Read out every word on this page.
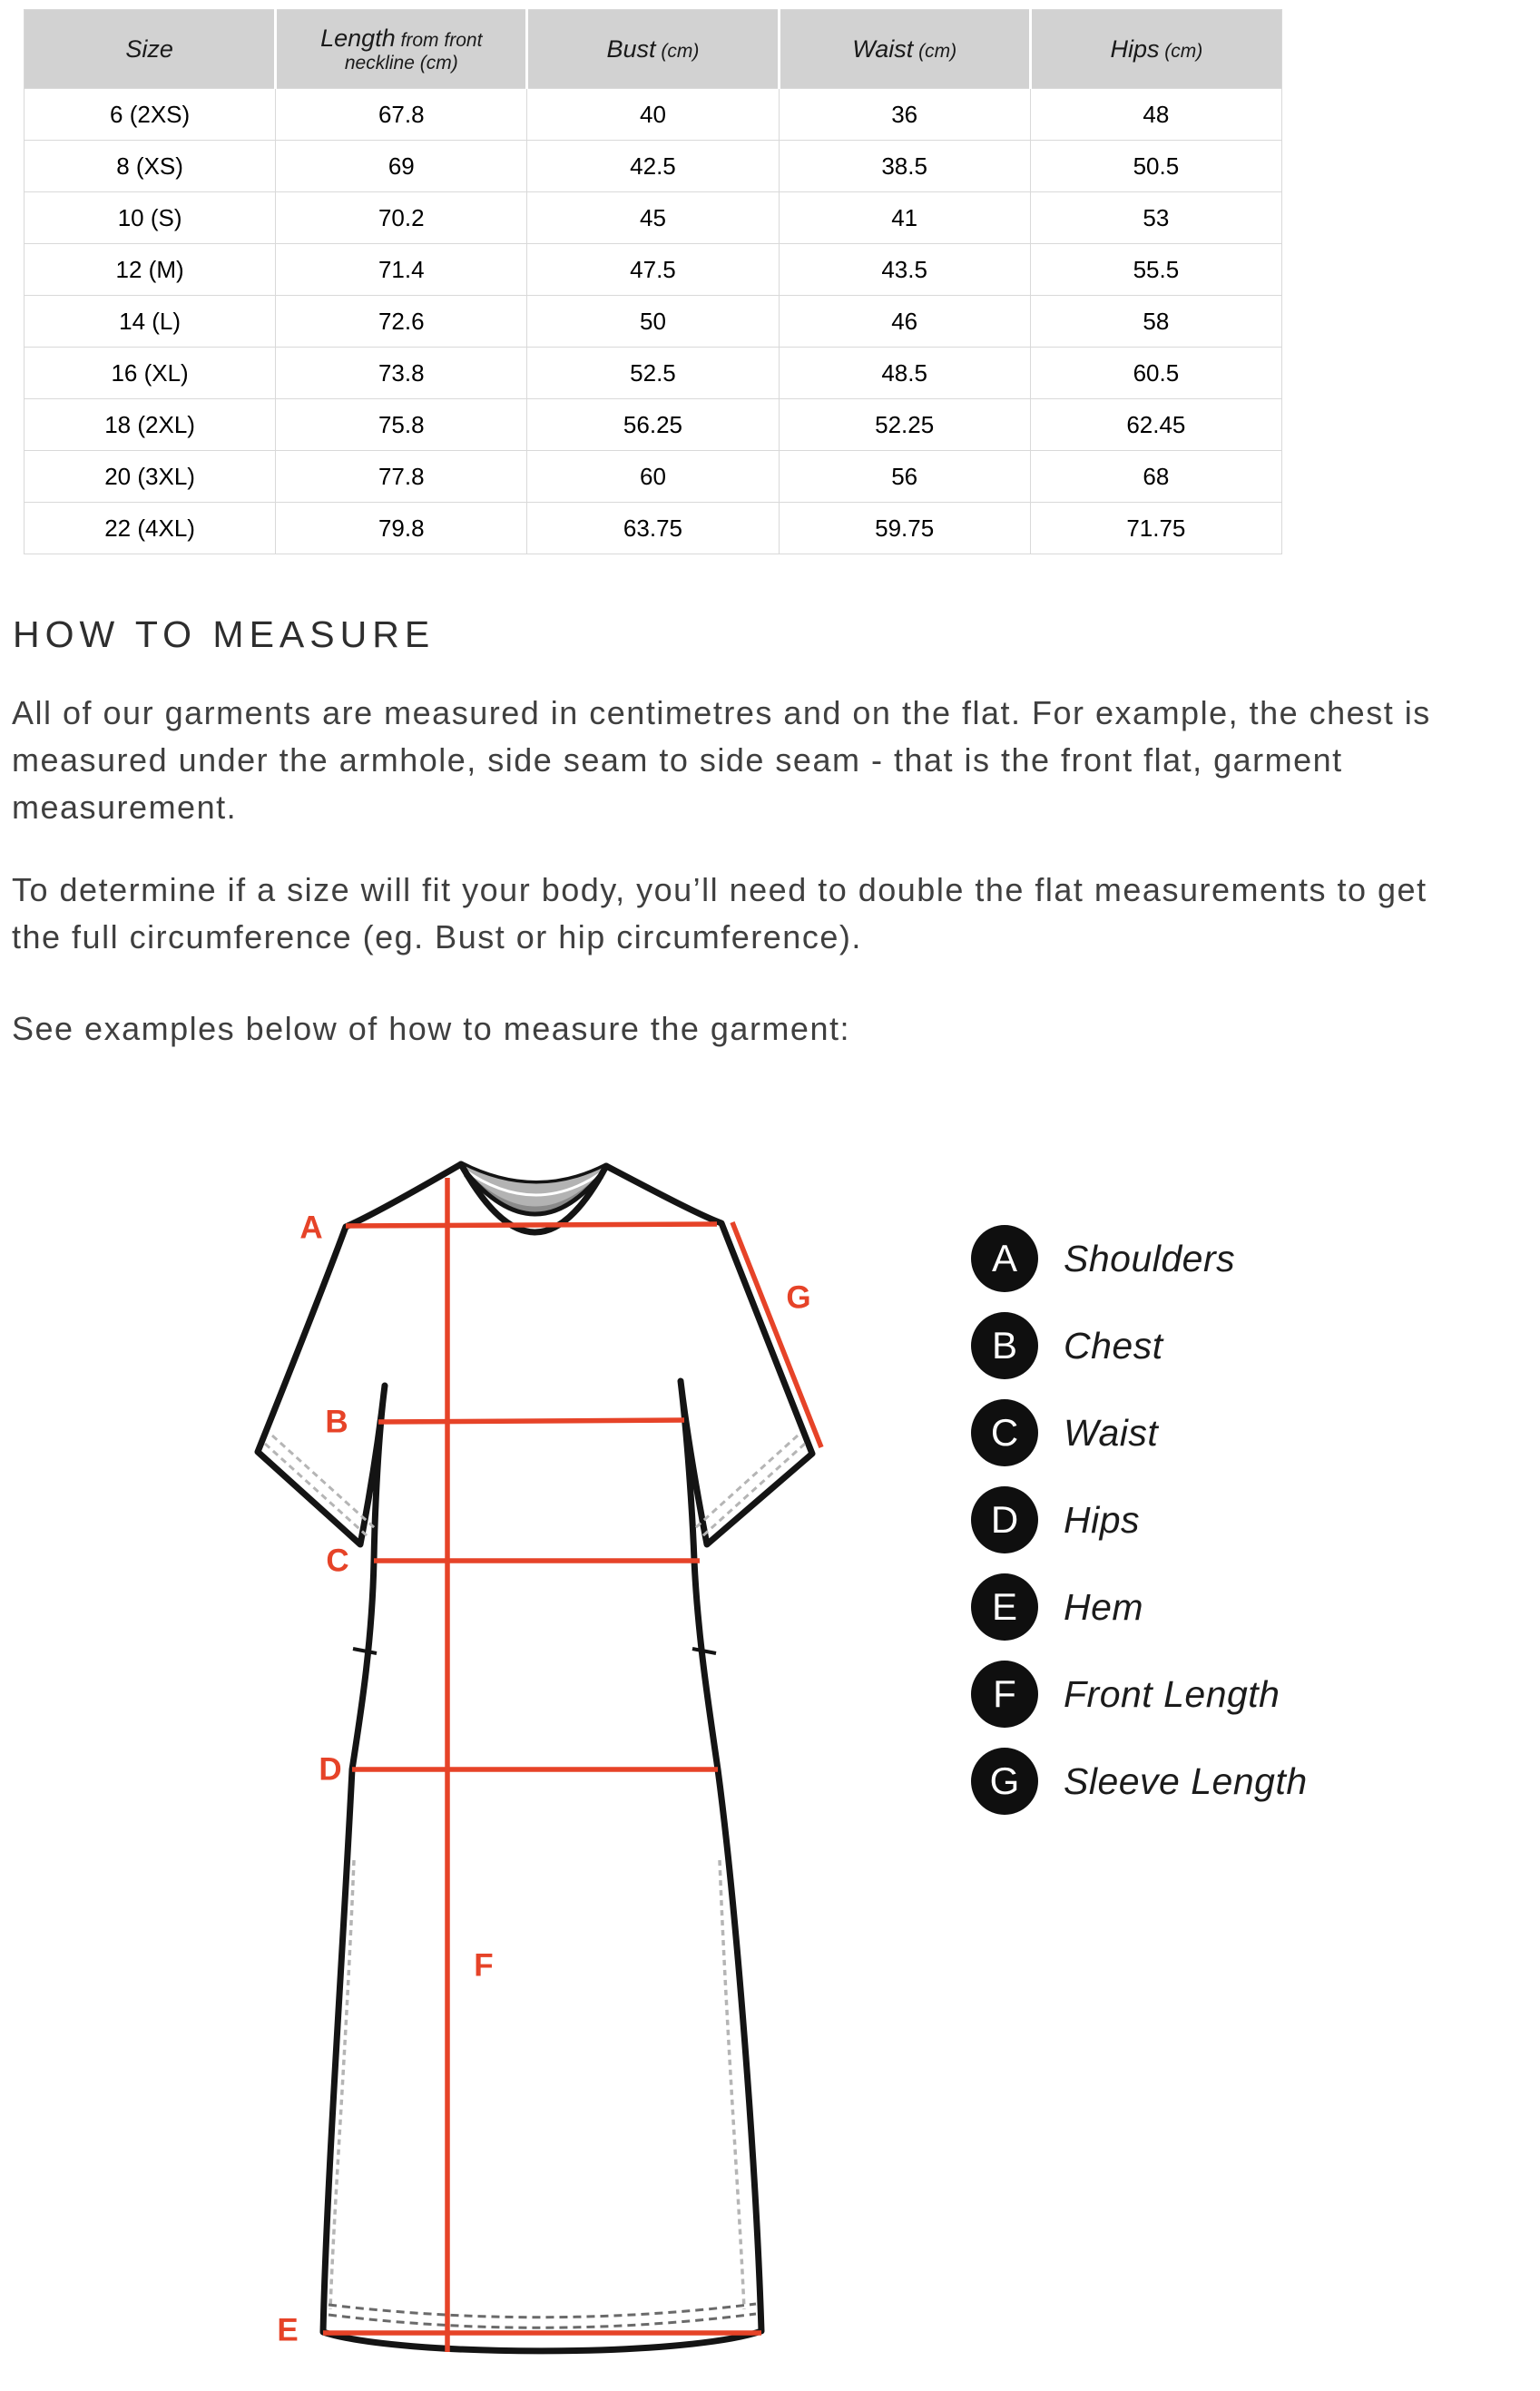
Size	Length from front neckline (cm)	Bust (cm)	Waist (cm)	Hips (cm)
6 (2XS)	67.8	40	36	48
8 (XS)	69	42.5	38.5	50.5
10 (S)	70.2	45	41	53
12 (M)	71.4	47.5	43.5	55.5
14 (L)	72.6	50	46	58
16 (XL)	73.8	52.5	48.5	60.5
18 (2XL)	75.8	56.25	52.25	62.45
20 (3XL)	77.8	60	56	68
22 (4XL)	79.8	63.75	59.75	71.75
HOW TO MEASURE

All of our garments are measured in centimetres and on the flat. For example, the chest is measured under the armhole, side seam to side seam - that is the front flat, garment measurement.

To determine if a size will fit your body, you’ll need to double the flat measurements to get the full circumference (eg. Bust or hip circumference).

See examples below of how to measure the garment:

A
B
C
D
E
F
G
A	Shoulders
B	Chest
C	Waist
D	Hips
E	Hem
F	Front Length
G	Sleeve Length
